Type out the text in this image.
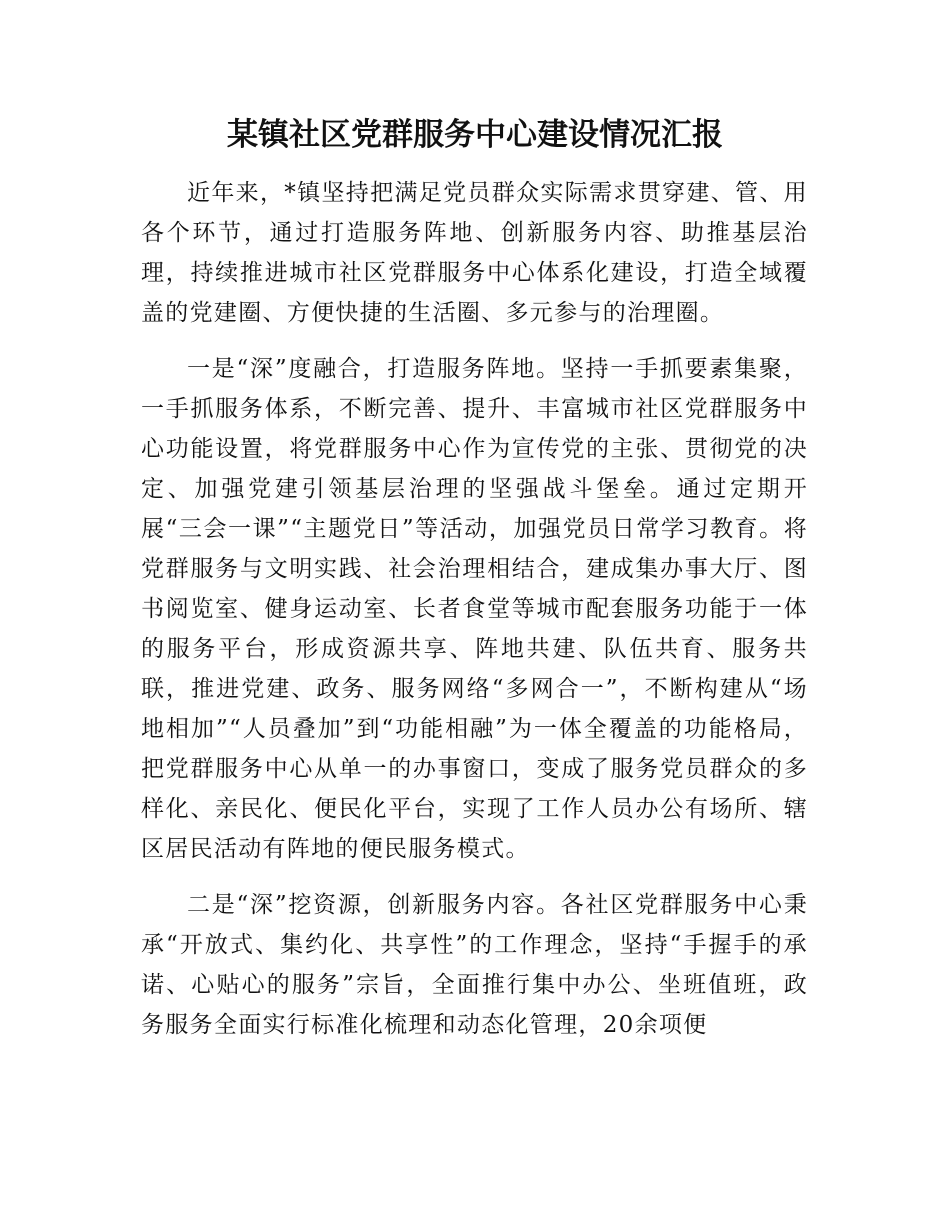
某镇社区党群服务中心建设情况汇报

近年来，*镇坚持把满足党员群众实际需求贯穿建、管、用各个环节，通过打造服务阵地、创新服务内容、助推基层治理，持续推进城市社区党群服务中心体系化建设，打造全域覆盖的党建圈、方便快捷的生活圈、多元参与的治理圈。

一是“深”度融合，打造服务阵地。坚持一手抓要素集聚，一手抓服务体系，不断完善、提升、丰富城市社区党群服务中心功能设置，将党群服务中心作为宣传党的主张、贯彻党的决定、加强党建引领基层治理的坚强战斗堡垒。通过定期开展“三会一课”“主题党日”等活动，加强党员日常学习教育。将党群服务与文明实践、社会治理相结合，建成集办事大厅、图书阅览室、健身运动室、长者食堂等城市配套服务功能于一体的服务平台，形成资源共享、阵地共建、队伍共育、服务共联，推进党建、政务、服务网络“多网合一”，不断构建从“场地相加”“人员叠加”到“功能相融”为一体全覆盖的功能格局，把党群服务中心从单一的办事窗口，变成了服务党员群众的多样化、亲民化、便民化平台，实现了工作人员办公有场所、辖区居民活动有阵地的便民服务模式。

二是“深”挖资源，创新服务内容。各社区党群服务中心秉承“开放式、集约化、共享性”的工作理念，坚持“手握手的承诺、心贴心的服务”宗旨，全面推行集中办公、坐班值班，政务服务全面实行标准化梳理和动态化管理，20余项便
